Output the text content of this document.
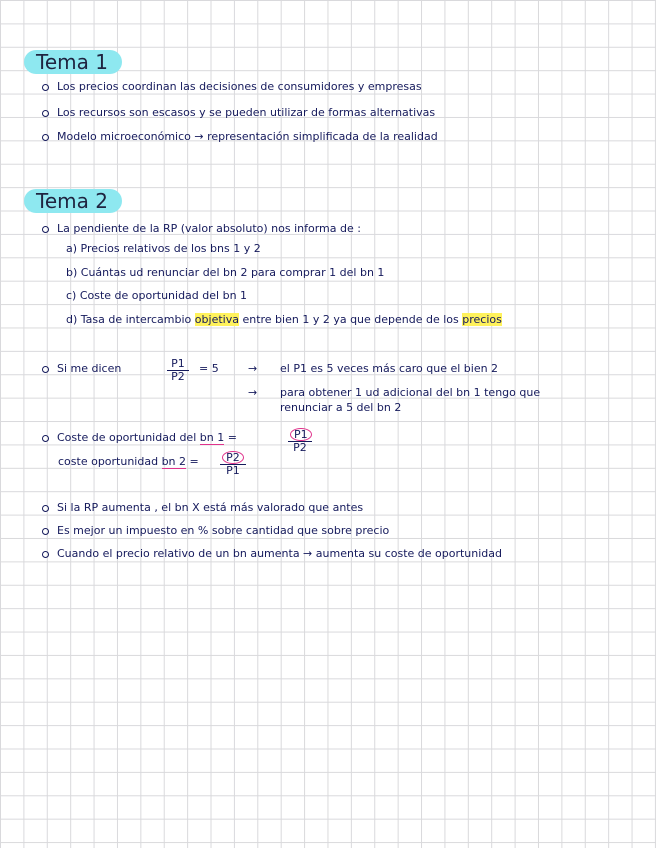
Tema 1
Los precios coordinan las decisiones de consumidores y empresas
Los recursos son escasos y se pueden utilizar de formas alternativas
Modelo microeconómico → representación simplificada de la realidad
Tema 2
La pendiente de la RP (valor absoluto) nos informa de :
a) Precios relativos de los bns 1 y 2
b) Cuántas ud renunciar del bn 2 para comprar 1 del bn 1
c) Coste de oportunidad del bn 1
d) Tasa de intercambio objetiva entre bien 1 y 2 ya que depende de los precios
Si me dicen	$\frac{P1}{P2} = 5$	→ el P1 es 5 veces más caro que el bien 2
→ para obtener 1 ud adicional del bn 1 tengo que
renunciar a 5 del bn 2
Coste de oportunidad del bn 1 =	$\frac{P1}{P2}$
coste oportunidad bn $2 = \frac{P2}{P1}$
Si la RP aumenta , el bn X está más valorado que antes
Es mejor un impuesto en % sobre cantidad que sobre precio
Cuando el precio relativo de un bn aumenta → aumenta su coste de oportunidad
